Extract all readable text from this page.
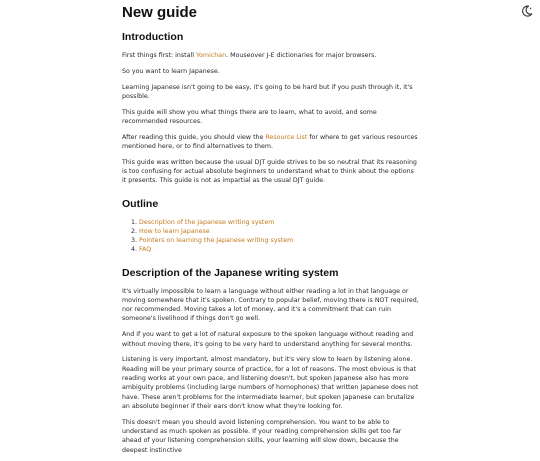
New guide
Introduction

First things first: install Yomichan. Mouseover J-E dictionaries for major browsers.

So you want to learn Japanese.

Learning Japanese isn't going to be easy, it's going to be hard but if you push through it, it's possible.

This guide will show you what things there are to learn, what to avoid, and some recommended resources.

After reading this guide, you should view the Resource List for where to get various resources mentioned here, or to find alternatives to them.

This guide was written because the usual DJT guide strives to be so neutral that its reasoning is too confusing for actual absolute beginners to understand what to think about the options it presents. This guide is not as impartial as the usual DJT guide.

Outline
1. Description of the Japanese writing system
2. How to learn Japanese
3. Pointers on learning the Japanese writing system
4. FAQ
Description of the Japanese writing system

It's virtually impossible to learn a language without either reading a lot in that language or moving somewhere that it's spoken. Contrary to popular belief, moving there is NOT required, nor recommended. Moving takes a lot of money, and it's a commitment that can ruin someone's livelihood if things don't go well.

And if you want to get a lot of natural exposure to the spoken language without reading and without moving there, it's going to be very hard to understand anything for several months.

Listening is very important, almost mandatory, but it's very slow to learn by listening alone. Reading will be your primary source of practice, for a lot of reasons. The most obvious is that reading works at your own pace, and listening doesn't, but spoken Japanese also has more ambiguity problems (including large numbers of homophones) that written Japanese does not have. These aren't problems for the intermediate learner, but spoken Japanese can brutalize an absolute beginner if their ears don't know what they're looking for.

This doesn't mean you should avoid listening comprehension. You want to be able to understand as much spoken as possible. If your reading comprehension skills get too far ahead of your listening comprehension skills, your learning will slow down, because the deepest instinctive
